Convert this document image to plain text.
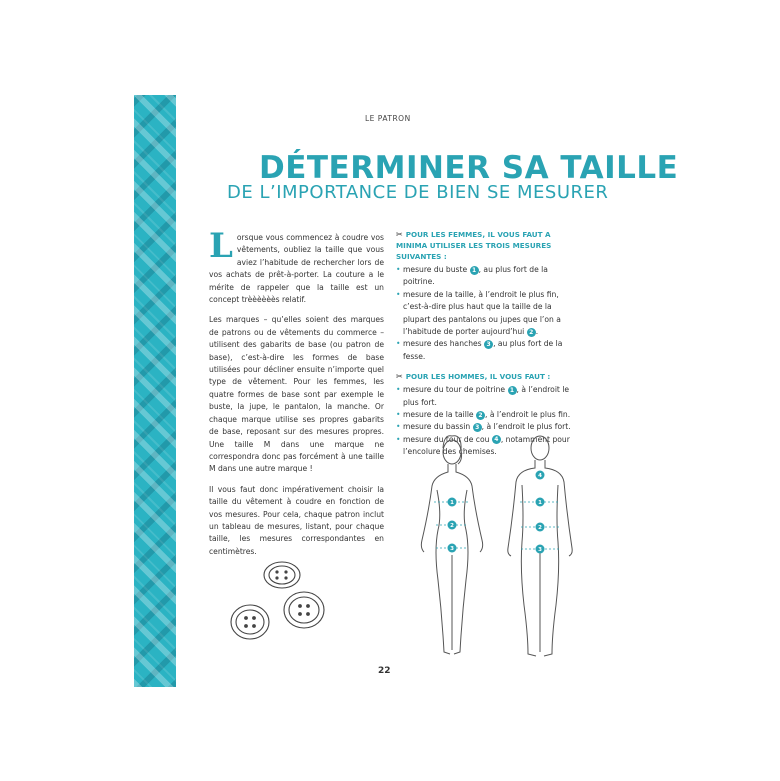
LE PATRON
DÉTERMINER SA TAILLE
DE L’IMPORTANCE DE BIEN SE MESURER

Lorsque vous commencez à coudre vos vêtements, oubliez la taille que vous aviez l’habitude de rechercher lors de vos achats de prêt-à-porter. La couture a le mérite de rappeler que la taille est un concept trèèèèèès relatif.

Les marques – qu’elles soient des marques de patrons ou de vêtements du commerce – utilisent des gabarits de base (ou patron de base), c’est-à-dire les formes de base utilisées pour décliner ensuite n’importe quel type de vêtement. Pour les femmes, les quatre formes de base sont par exemple le buste, la jupe, le pantalon, la manche. Or chaque marque utilise ses propres gabarits de base, reposant sur des mesures propres. Une taille M dans une marque ne correspondra donc pas forcément à une taille M dans une autre marque !

Il vous faut donc impérativement choisir la taille du vêtement à coudre en fonction de vos mesures. Pour cela, chaque patron inclut un tableau de mesures, listant, pour chaque taille, les mesures correspondantes en centimètres.

✂ POUR LES FEMMES, IL VOUS FAUT A MINIMA UTILISER LES TROIS MESURES SUIVANTES :
• mesure du buste 1 , au plus fort de la poitrine.
• mesure de la taille, à l’endroit le plus fin, c’est-à-dire plus haut que la taille de la plupart des pantalons ou jupes que l’on a l’habitude de porter aujourd’hui 2 .
• mesure des hanches 3 , au plus fort de la fesse.
✂ POUR LES HOMMES, IL VOUS FAUT :
• mesure du tour de poitrine 1 , à l’endroit le plus fort.
• mesure de la taille 2 , à l’endroit le plus fin.
• mesure du bassin 3 , à l’endroit le plus fort.
• mesure du tour de cou 4 , notamment pour l’encolure des chemises.
1
2
3
4
1
2
3
22
